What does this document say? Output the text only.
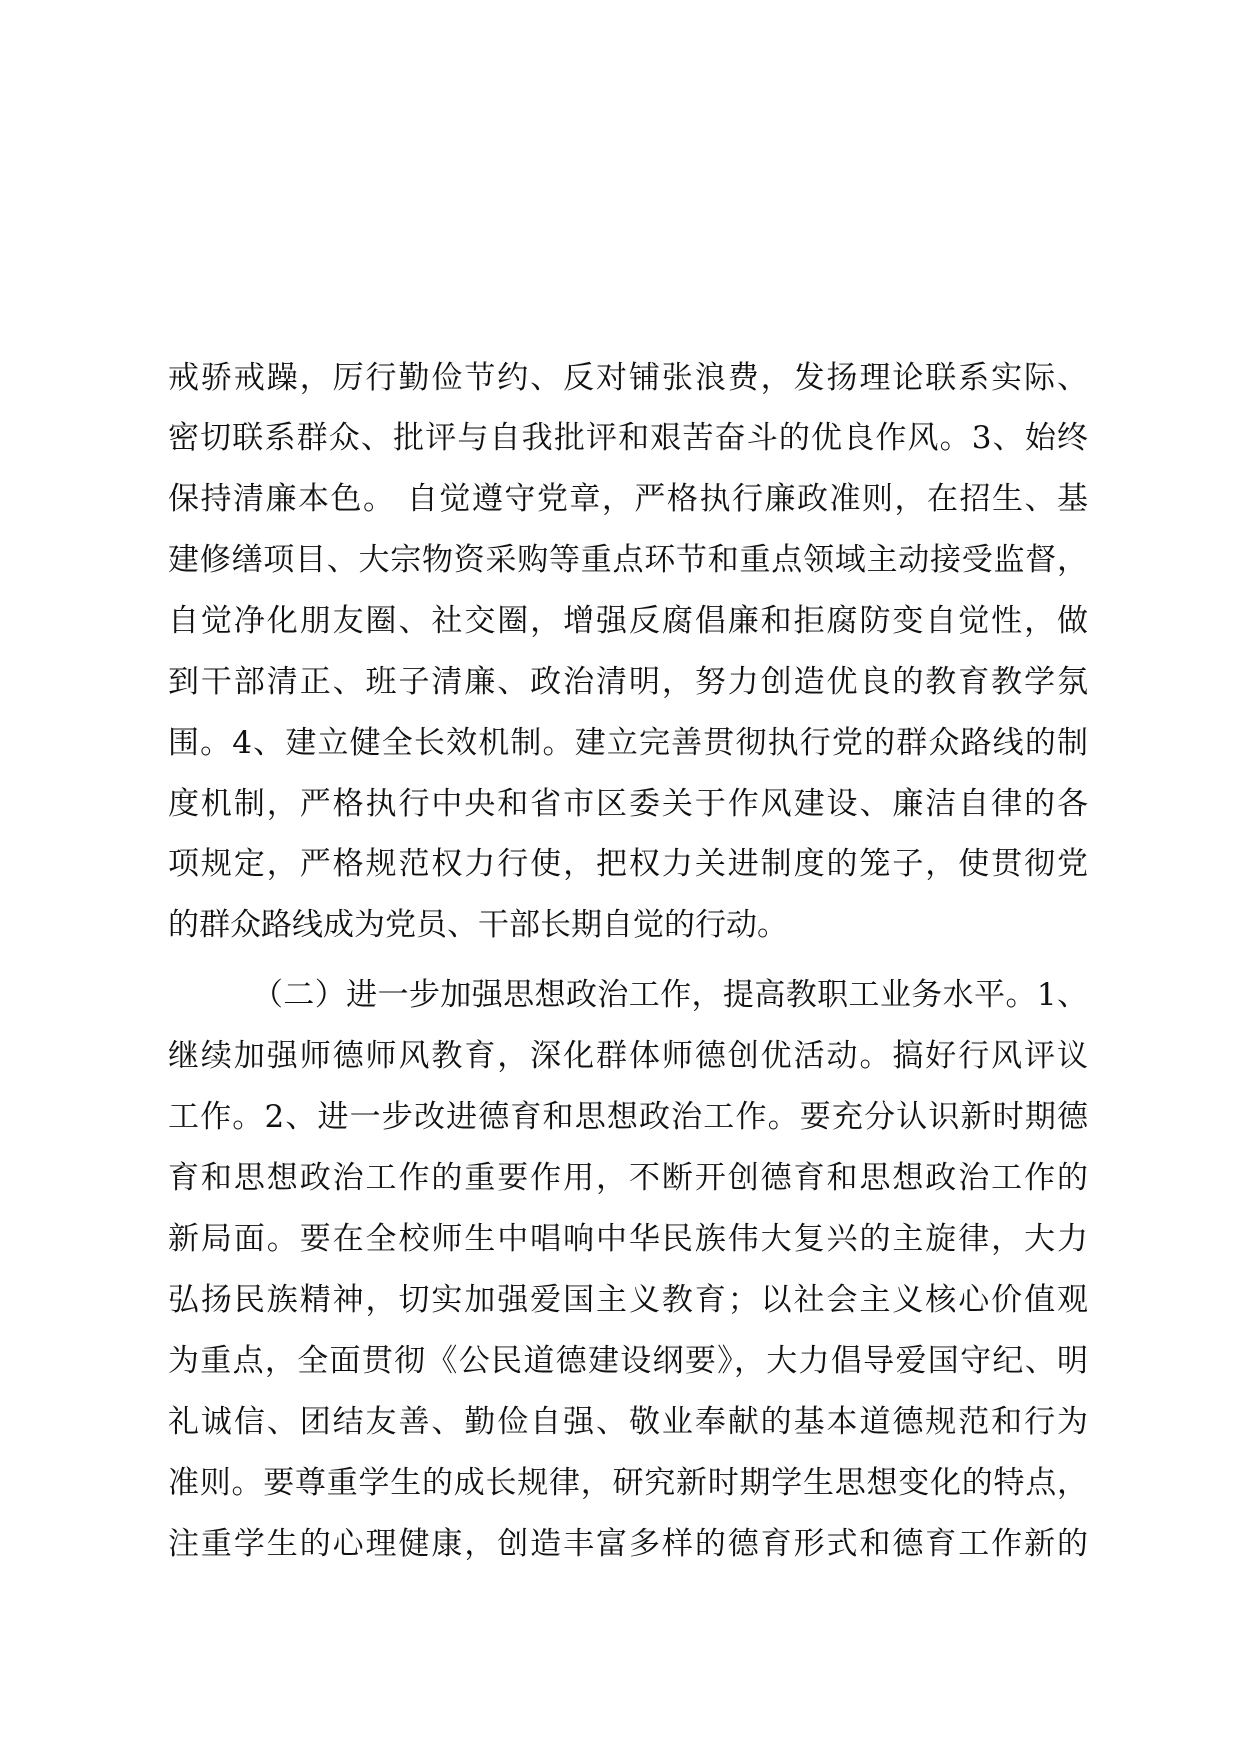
戒骄戒躁，厉行勤俭节约、反对铺张浪费，发扬理论联系实际、
密切联系群众、批评与自我批评和艰苦奋斗的优良作风。3、始终
保持清廉本色。 自觉遵守党章，严格执行廉政准则，在招生、基
建修缮项目、大宗物资采购等重点环节和重点领域主动接受监督，
自觉净化朋友圈、社交圈，增强反腐倡廉和拒腐防变自觉性，做
到干部清正、班子清廉、政治清明，努力创造优良的教育教学氛
围。4、建立健全长效机制。建立完善贯彻执行党的群众路线的制
度机制，严格执行中央和省市区委关于作风建设、廉洁自律的各
项规定，严格规范权力行使，把权力关进制度的笼子，使贯彻党
的群众路线成为党员、干部长期自觉的行动。
（二）进一步加强思想政治工作，提高教职工业务水平。1、
继续加强师德师风教育，深化群体师德创优活动。搞好行风评议
工作。2、进一步改进德育和思想政治工作。要充分认识新时期德
育和思想政治工作的重要作用，不断开创德育和思想政治工作的
新局面。要在全校师生中唱响中华民族伟大复兴的主旋律，大力
弘扬民族精神，切实加强爱国主义教育；以社会主义核心价值观
为重点，全面贯彻《公民道德建设纲要》，大力倡导爱国守纪、明
礼诚信、团结友善、勤俭自强、敬业奉献的基本道德规范和行为
准则。要尊重学生的成长规律，研究新时期学生思想变化的特点，
注重学生的心理健康，创造丰富多样的德育形式和德育工作新的
